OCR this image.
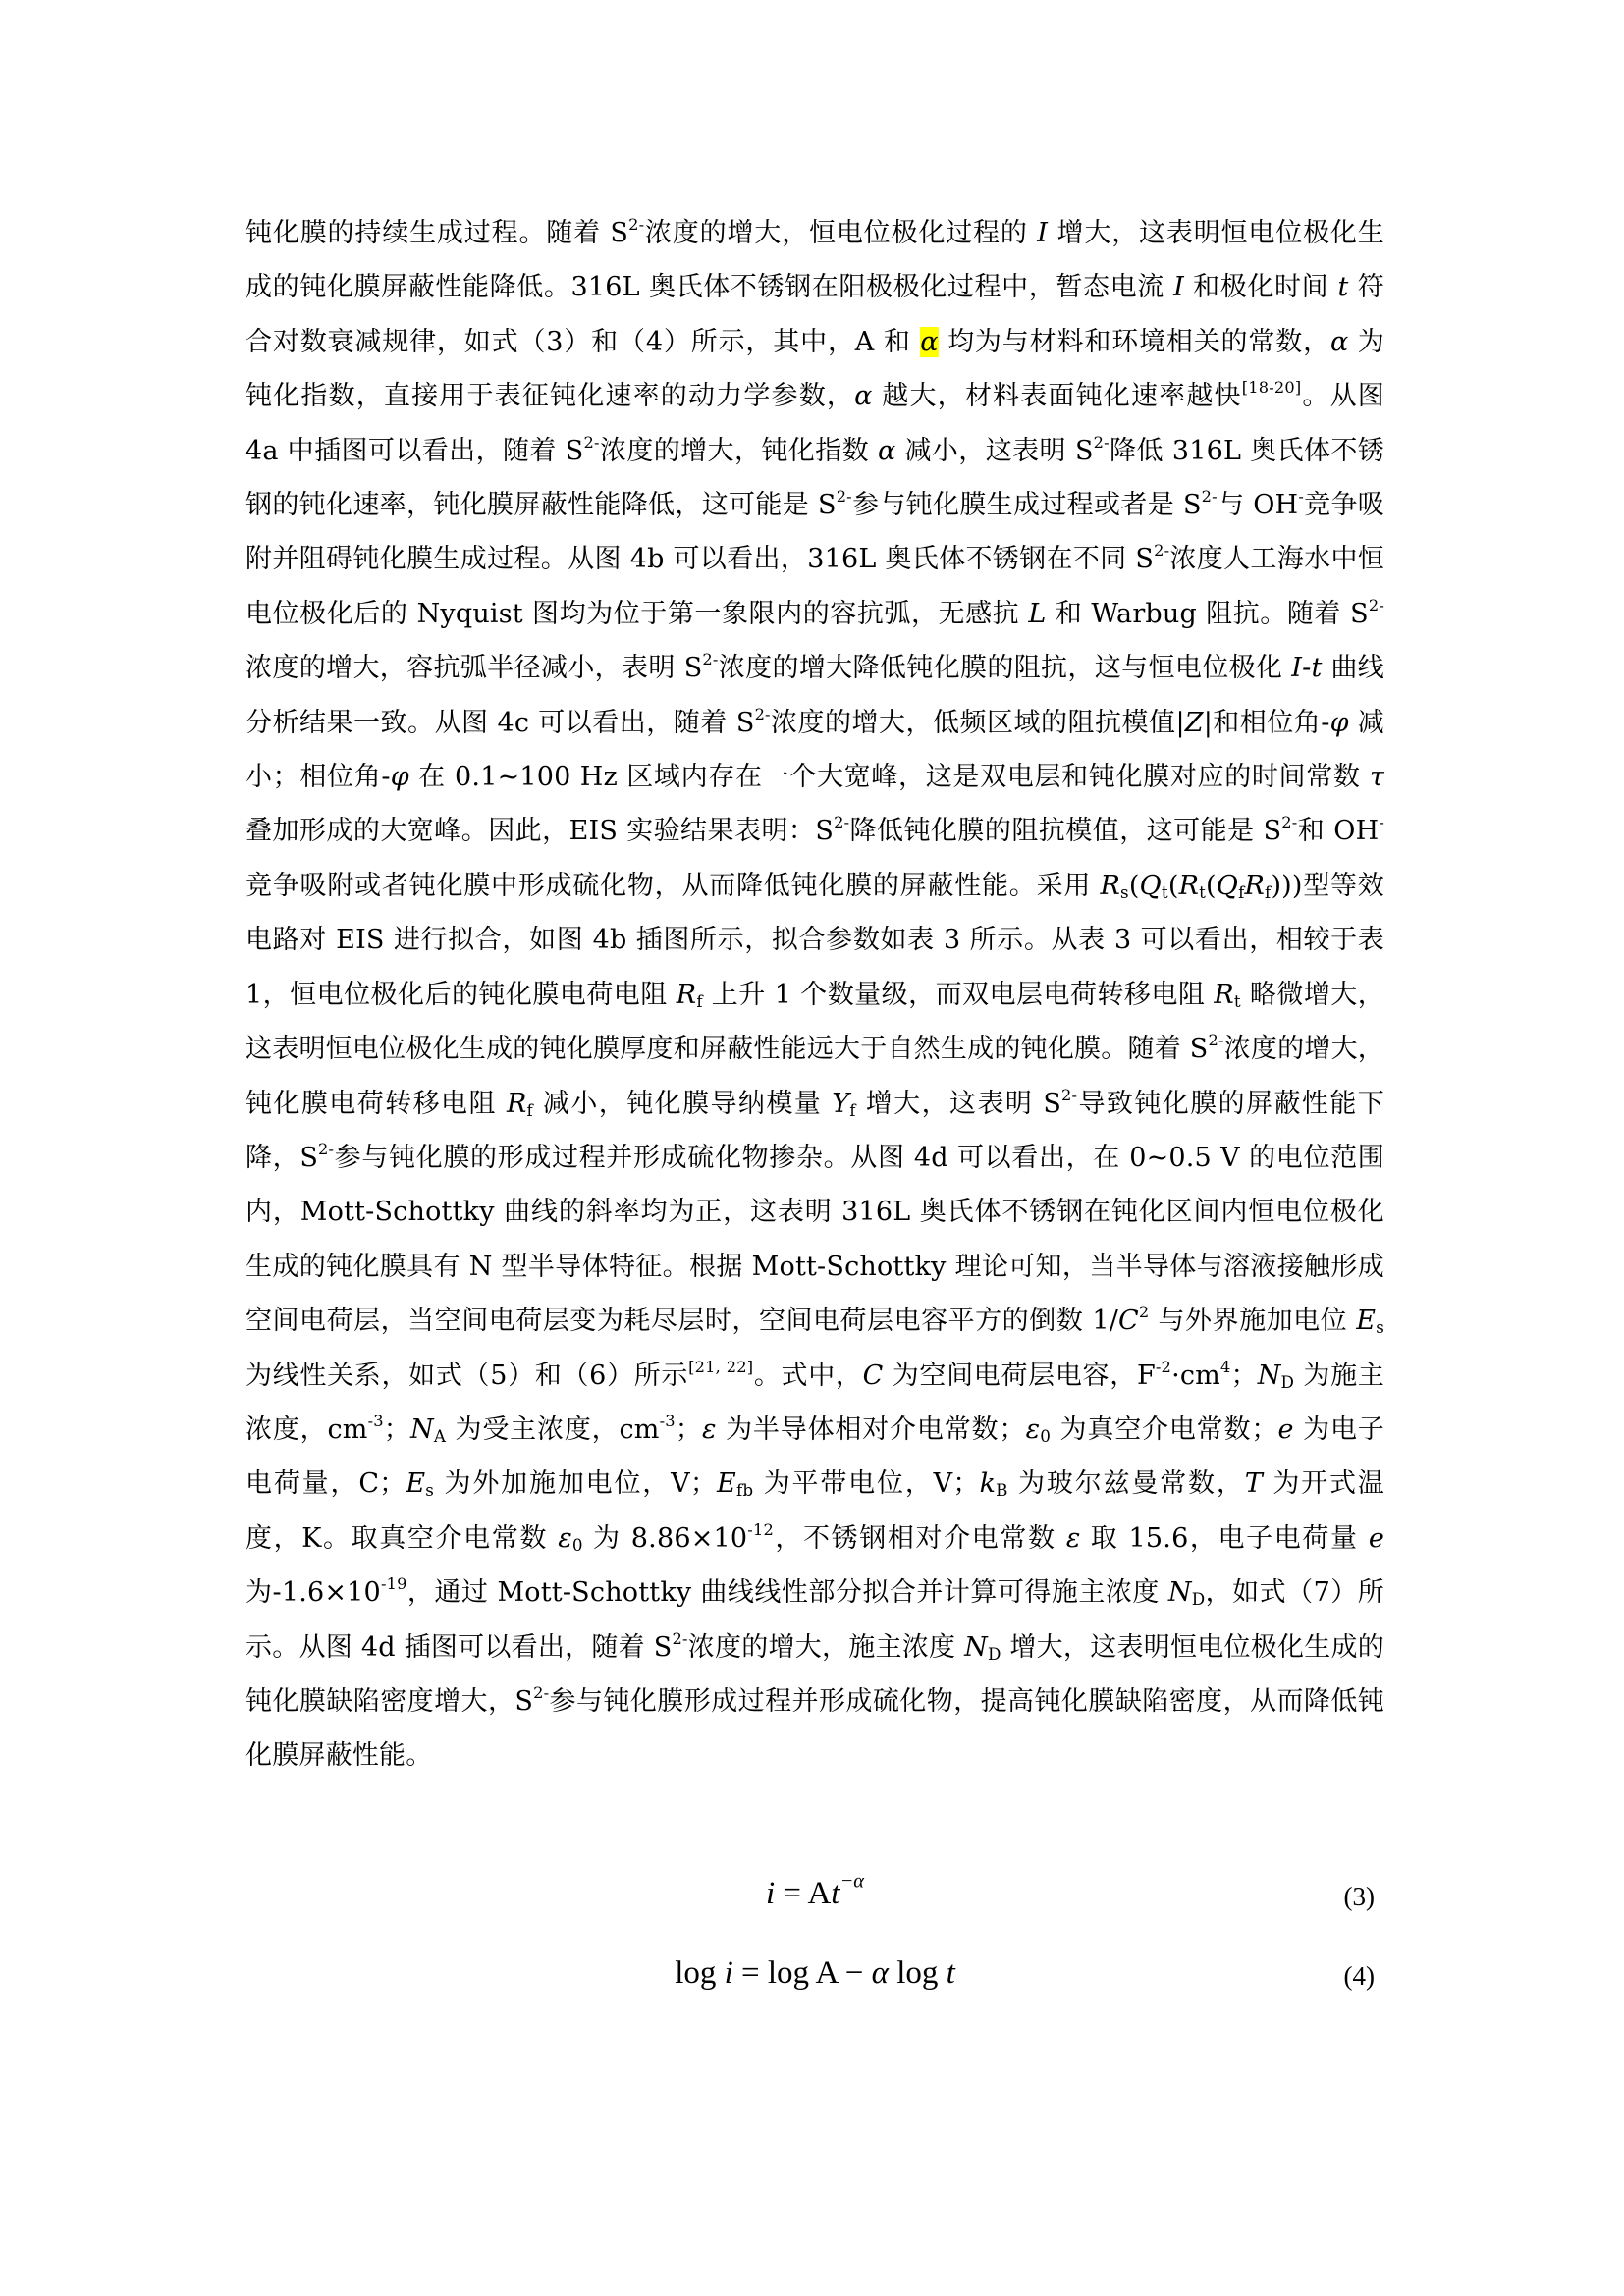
钝化膜的持续生成过程。随着 $S^{2-}$浓度的增大，恒电位极化过程的 I 增大，这表明恒电位极化生成的钝化膜屏蔽性能降低。316L 奥氏体不锈钢在阳极极化过程中，暂态电流 I 和极化时间 t 符合对数衰减规律，如式（3）和（4）所示，其中，A 和 α 均为与材料和环境相关的常数，α 为钝化指数，直接用于表征钝化速率的动力学参数，α 越大，材料表面钝化速率越快[18-20]。从图 4a 中插图可以看出，随着 $S^{2-}$浓度的增大，钝化指数 α 减小，这表明 $S^{2-}$降低 316L 奥氏体不锈钢的钝化速率，钝化膜屏蔽性能降低，这可能是 $S^{2-}$参与钝化膜生成过程或者是 $S^{2-}$与 OH-竞争吸附并阻碍钝化膜生成过程。从图 4b 可以看出，316L 奥氏体不锈钢在不同 $S^{2-}$浓度人工海水中恒电位极化后的 Nyquist 图均为位于第一象限内的容抗弧，无感抗 L 和 Warbug 阻抗。随着 $S^{2-}$浓度的增大，容抗弧半径减小，表明 $S^{2-}$浓度的增大降低钝化膜的阻抗，这与恒电位极化 I-t 曲线分析结果一致。从图 4c 可以看出，随着 $S^{2-}$浓度的增大，低频区域的阻抗模值|Z|和相位角-φ 减小；相位角-φ 在 0.1~100 Hz 区域内存在一个大宽峰，这是双电层和钝化膜对应的时间常数 τ 叠加形成的大宽峰。因此，EIS 实验结果表明：$S^{2-}$降低钝化膜的阻抗模值，这可能是 $S^{2-}$和 OH-竞争吸附或者钝化膜中形成硫化物，从而降低钝化膜的屏蔽性能。采用 $R_s(Q_t(R_t(Q_fR_f)))$型等效电路对 EIS 进行拟合，如图 4b 插图所示，拟合参数如表 3 所示。从表 3 可以看出，相较于表 1，恒电位极化后的钝化膜电荷电阻 $R_f$ 上升 1 个数量级，而双电层电荷转移电阻 $R_t$ 略微增大，这表明恒电位极化生成的钝化膜厚度和屏蔽性能远大于自然生成的钝化膜。随着 $S^{2-}$浓度的增大，钝化膜电荷转移电阻 $R_f$ 减小，钝化膜导纳模量 $Y_f$ 增大，这表明 $S^{2-}$导致钝化膜的屏蔽性能下降，$S^{2-}$参与钝化膜的形成过程并形成硫化物掺杂。从图 4d 可以看出，在 0~0.5 V 的电位范围内，Mott-Schottky 曲线的斜率均为正，这表明 316L 奥氏体不锈钢在钝化区间内恒电位极化生成的钝化膜具有 N 型半导体特征。根据 Mott-Schottky 理论可知，当半导体与溶液接触形成空间电荷层，当空间电荷层变为耗尽层时，空间电荷层电容平方的倒数 $1/C^2$ 与外界施加电位 $E_s$ 为线性关系，如式（5）和（6）所示[21, 22]。式中，C 为空间电荷层电容，$F^{-2}\cdot cm^4$；$N_D$ 为施主浓度，$cm^{-3}$；$N_A$ 为受主浓度，$cm^{-3}$；ε 为半导体相对介电常数；$\varepsilon_0$ 为真空介电常数；e 为电子电荷量，C；$E_s$ 为外加施加电位，V；$E_{fb}$ 为平带电位，V；$k_B$ 为玻尔兹曼常数，T 为开式温度，K。取真空介电常数 $\varepsilon_0$ 为 $8.86\times 10^{-12}$，不锈钢相对介电常数 ε 取 15.6，电子电荷量 e 为$-1.6\times 10^{-19}$，通过 Mott-Schottky 曲线线性部分拟合并计算可得施主浓度 $N_D$，如式（7）所示。从图 4d 插图可以看出，随着 $S^{2-}$浓度的增大，施主浓度 $N_D$ 增大，这表明恒电位极化生成的钝化膜缺陷密度增大，$S^{2-}$参与钝化膜形成过程并形成硫化物，提高钝化膜缺陷密度，从而降低钝化膜屏蔽性能。

$i = At^{-\alpha}$
(3)
log i = log A − α log t	(4)
